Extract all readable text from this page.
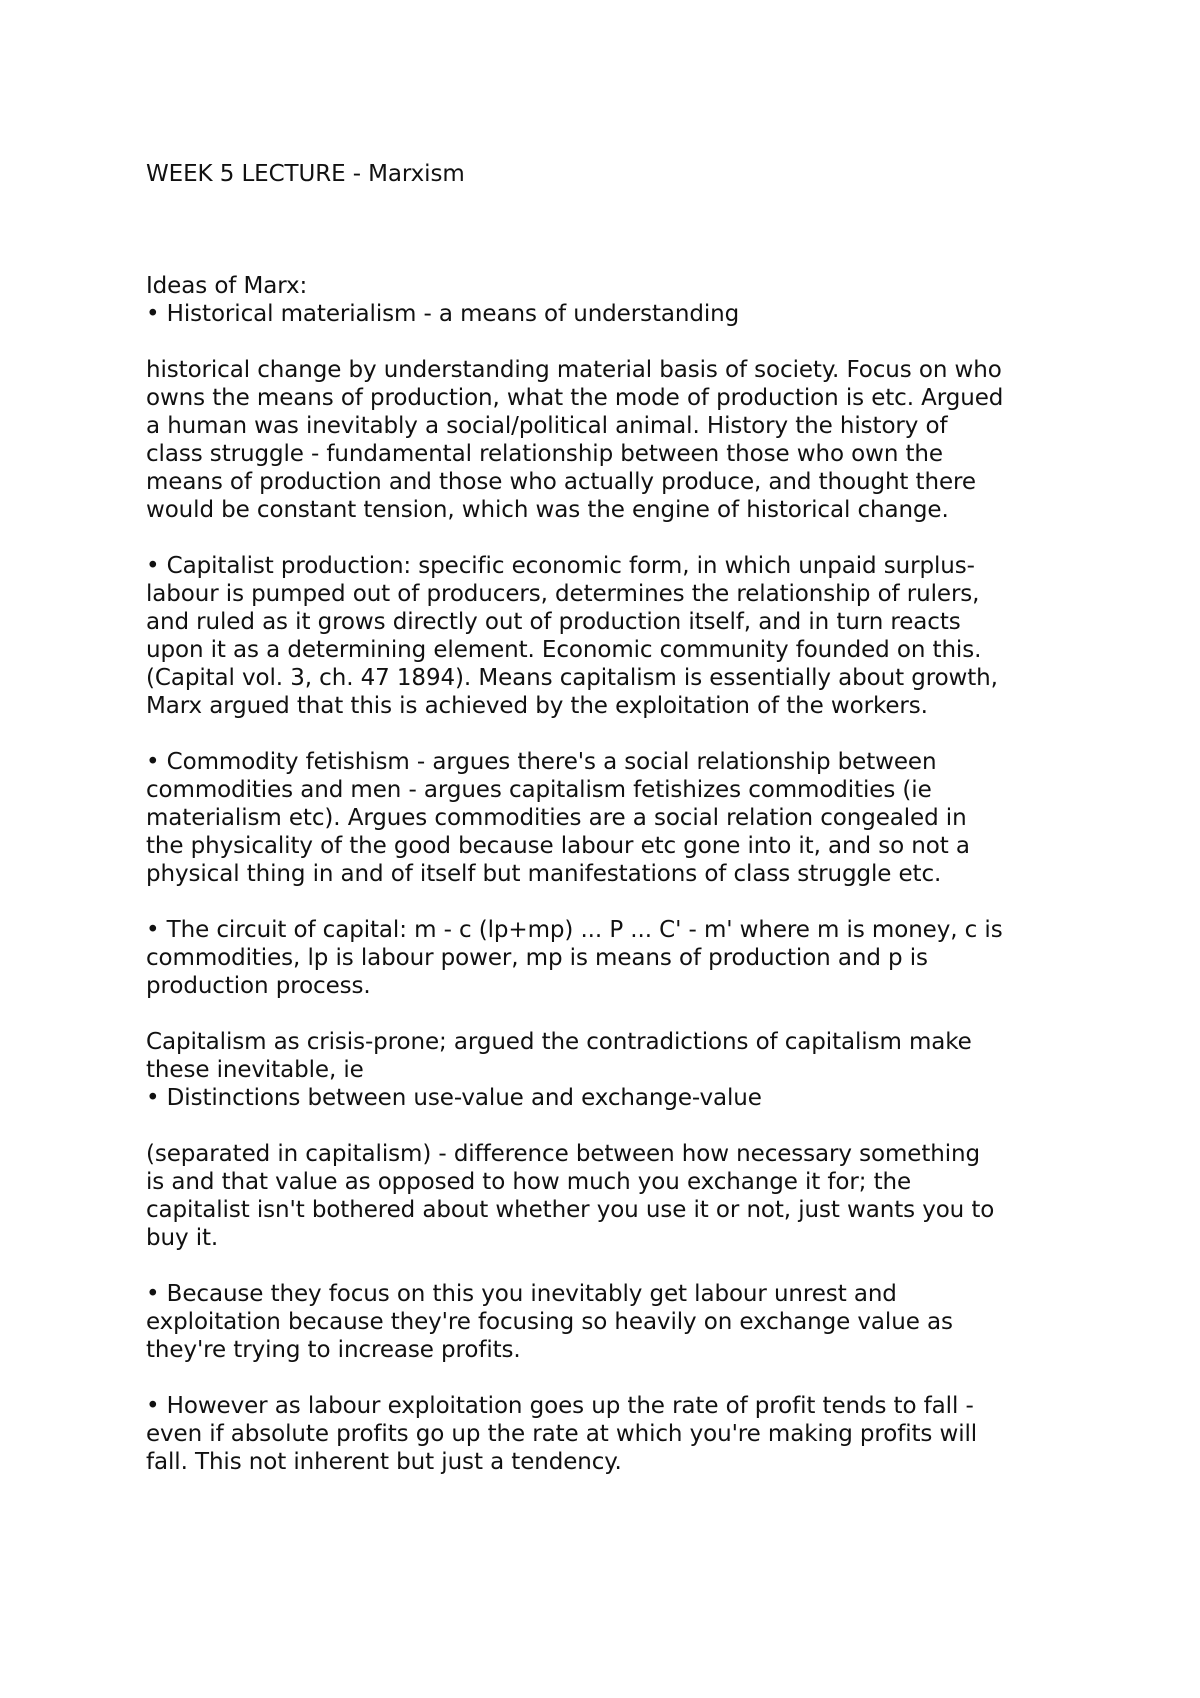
WEEK 5 LECTURE - Marxism
Ideas of Marx:
• Historical materialism - a means of understanding
historical change by understanding material basis of society. Focus on who
owns the means of production, what the mode of production is etc. Argued
a human was inevitably a social/political animal. History the history of
class struggle - fundamental relationship between those who own the
means of production and those who actually produce, and thought there
would be constant tension, which was the engine of historical change.
• Capitalist production: specific economic form, in which unpaid surplus-
labour is pumped out of producers, determines the relationship of rulers,
and ruled as it grows directly out of production itself, and in turn reacts
upon it as a determining element. Economic community founded on this.
(Capital vol. 3, ch. 47 1894). Means capitalism is essentially about growth,
Marx argued that this is achieved by the exploitation of the workers.
• Commodity fetishism - argues there's a social relationship between
commodities and men - argues capitalism fetishizes commodities (ie
materialism etc). Argues commodities are a social relation congealed in
the physicality of the good because labour etc gone into it, and so not a
physical thing in and of itself but manifestations of class struggle etc.
• The circuit of capital: m - c (lp+mp) ... P ... C' - m' where m is money, c is
commodities, lp is labour power, mp is means of production and p is
production process.
Capitalism as crisis-prone; argued the contradictions of capitalism make
these inevitable, ie
• Distinctions between use-value and exchange-value
(separated in capitalism) - difference between how necessary something
is and that value as opposed to how much you exchange it for; the
capitalist isn't bothered about whether you use it or not, just wants you to
buy it.
• Because they focus on this you inevitably get labour unrest and
exploitation because they're focusing so heavily on exchange value as
they're trying to increase profits.
• However as labour exploitation goes up the rate of profit tends to fall -
even if absolute profits go up the rate at which you're making profits will
fall. This not inherent but just a tendency.
